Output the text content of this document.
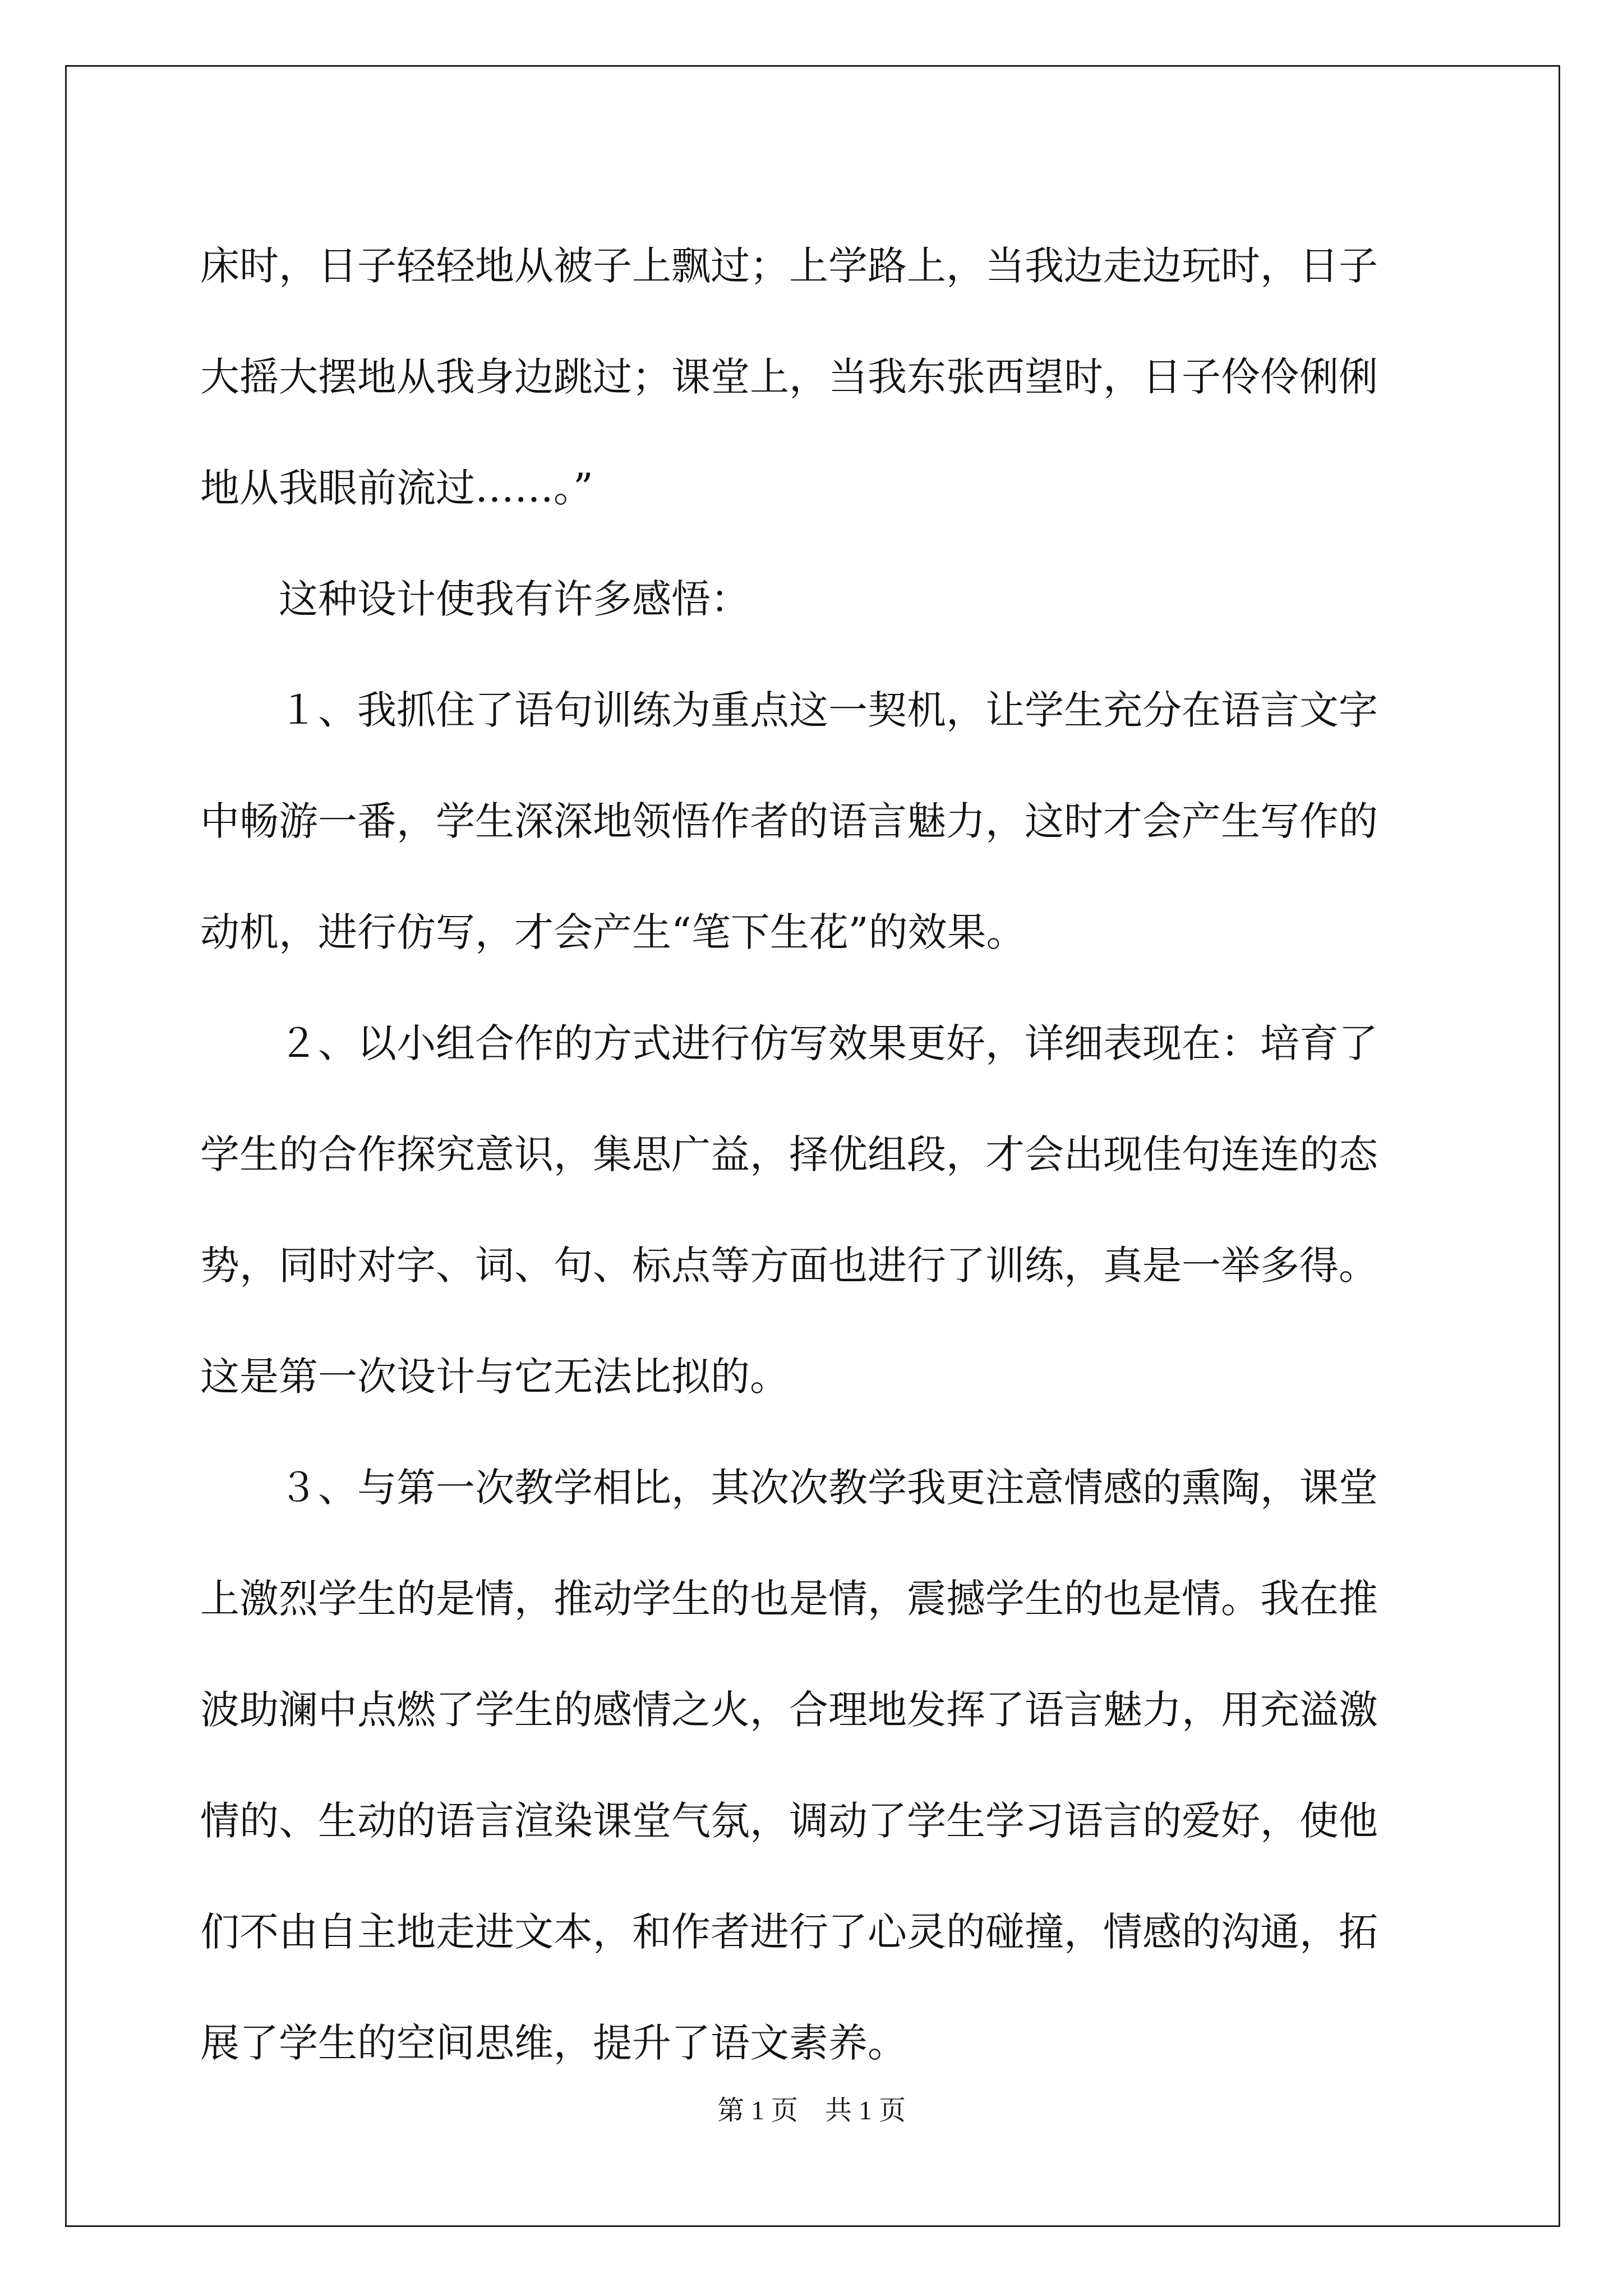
床时，日子轻轻地从被子上飘过；上学路上，当我边走边玩时，日子
大摇大摆地从我身边跳过；课堂上，当我东张西望时，日子伶伶俐俐
地从我眼前流过……。”
这种设计使我有许多感悟：
１、我抓住了语句训练为重点这一契机，让学生充分在语言文字
中畅游一番，学生深深地领悟作者的语言魅力，这时才会产生写作的
动机，进行仿写，才会产生“笔下生花”的效果。
２、以小组合作的方式进行仿写效果更好，详细表现在：培育了
学生的合作探究意识，集思广益，择优组段，才会出现佳句连连的态
势，同时对字、词、句、标点等方面也进行了训练，真是一举多得。
这是第一次设计与它无法比拟的。
３、与第一次教学相比，其次次教学我更注意情感的熏陶，课堂
上激烈学生的是情，推动学生的也是情，震撼学生的也是情。我在推
波助澜中点燃了学生的感情之火，合理地发挥了语言魅力，用充溢激
情的、生动的语言渲染课堂气氛，调动了学生学习语言的爱好，使他
们不由自主地走进文本，和作者进行了心灵的碰撞，情感的沟通，拓
展了学生的空间思维，提升了语文素养。
第 1 页　共 1 页
